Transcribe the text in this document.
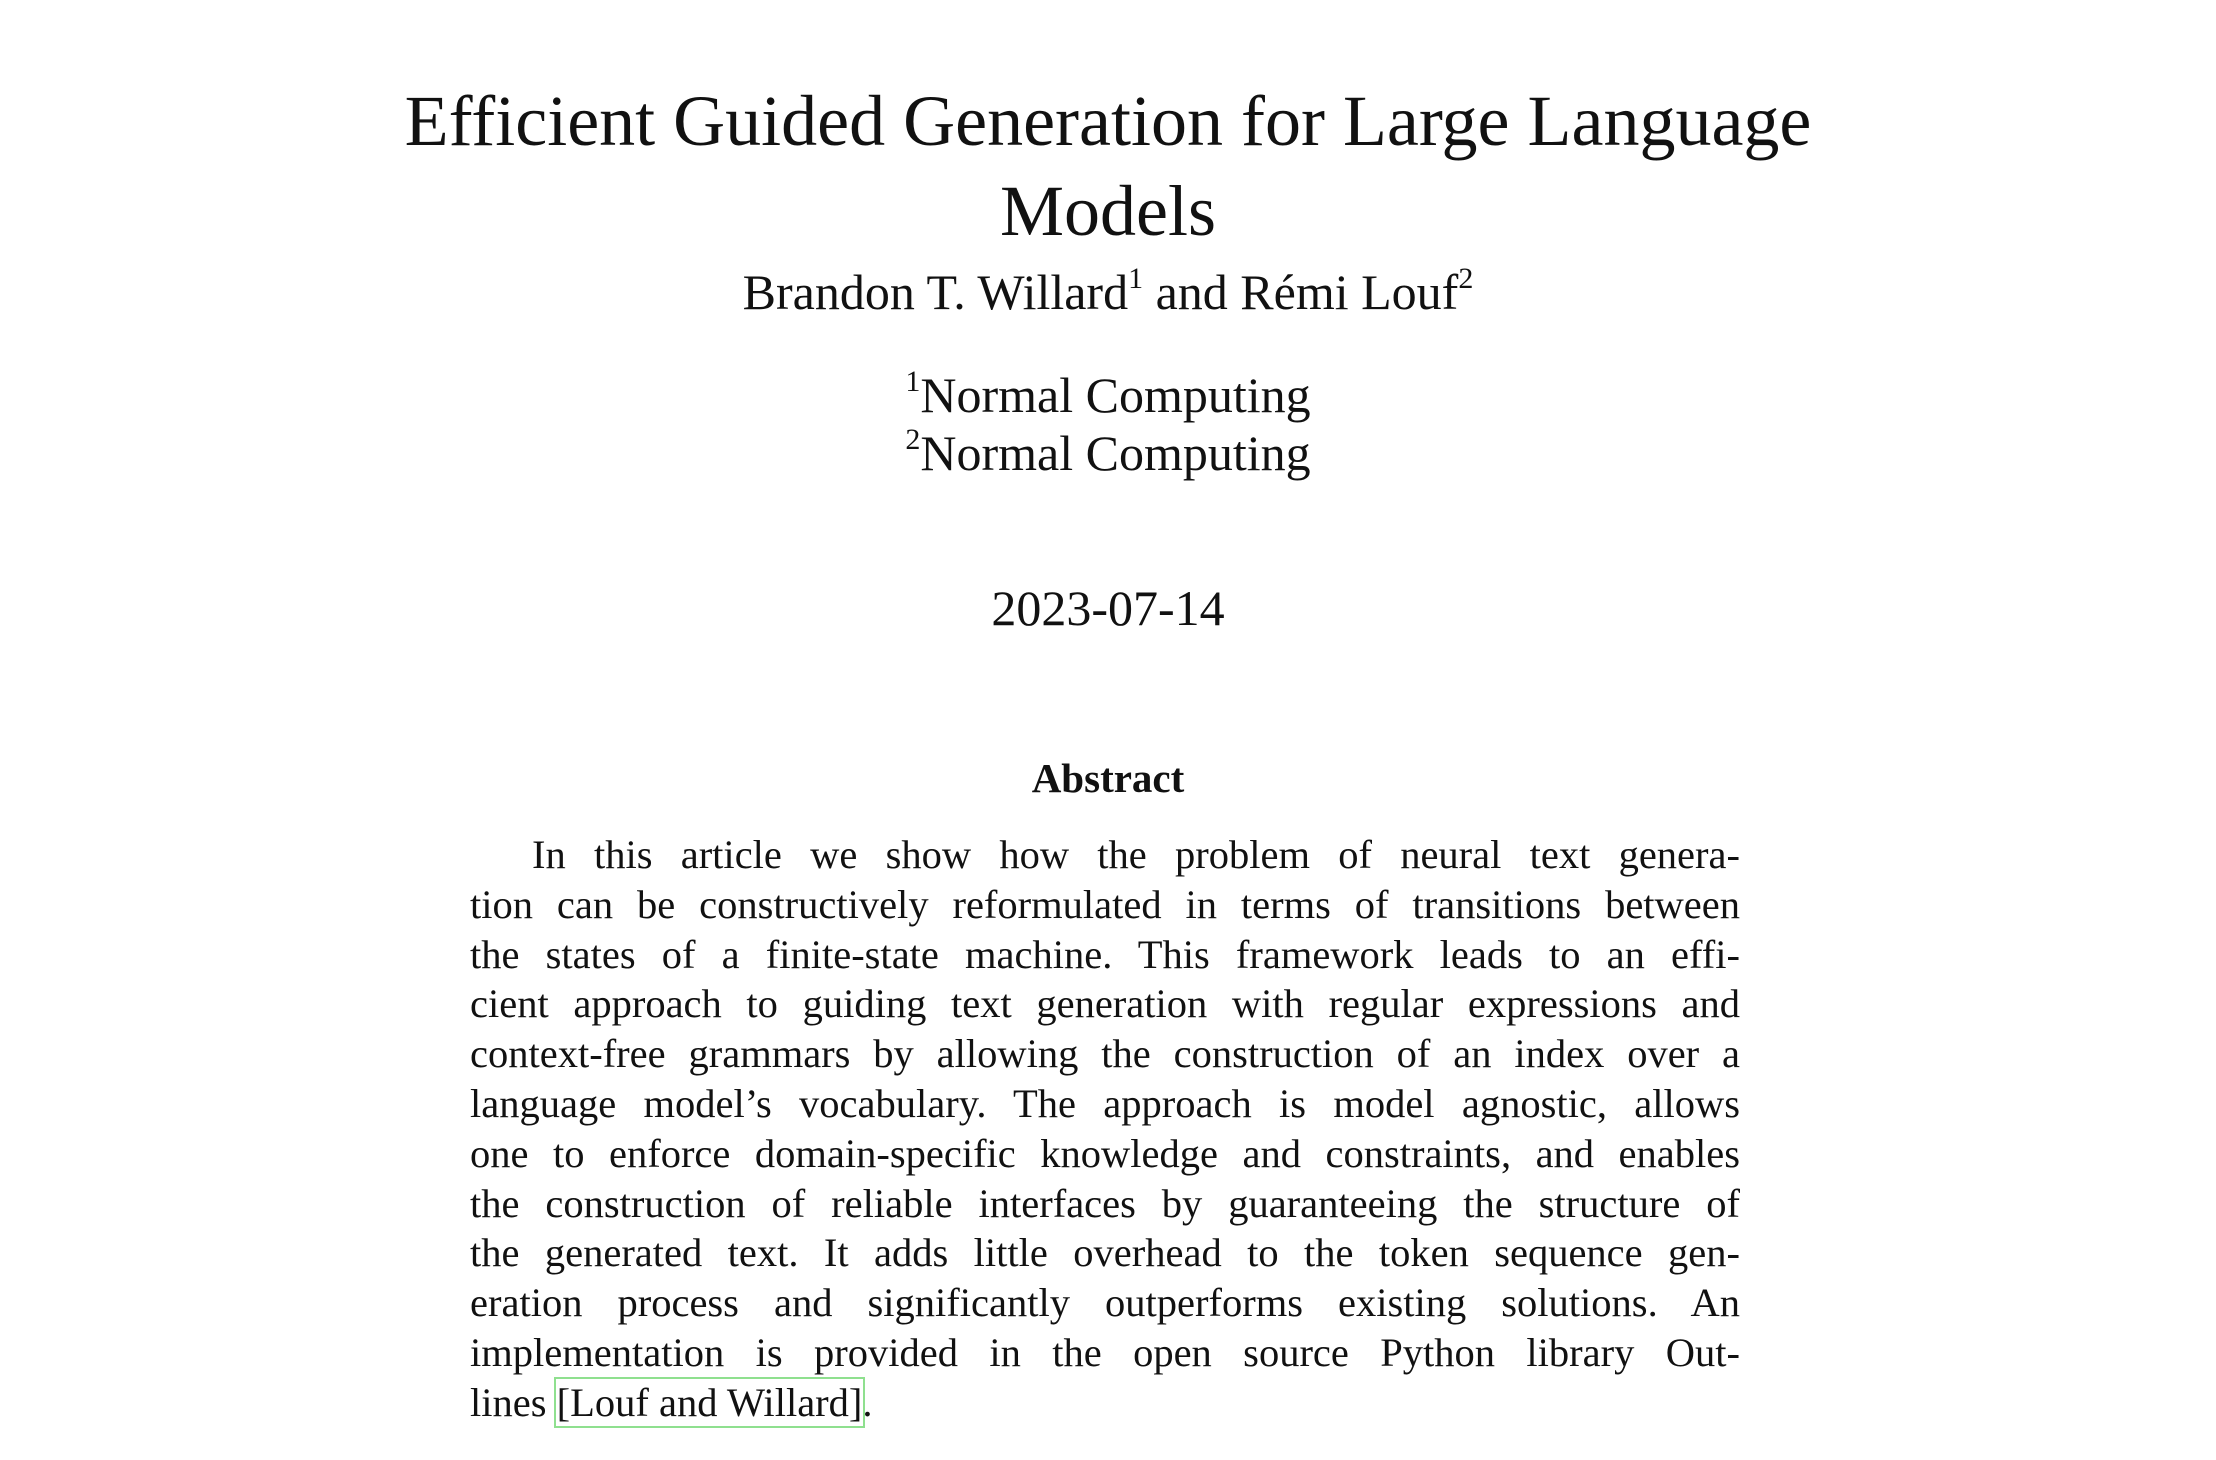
Efficient Guided Generation for Large Language
Models
Brandon T. Willard$^1$ and Rémi Louf$^2$
$^1$Normal Computing
$^2$Normal Computing
2023-07-14
Abstract
In this article we show how the problem of neural text genera-
tion can be constructively reformulated in terms of transitions between
the states of a finite-state machine. This framework leads to an effi-
cient approach to guiding text generation with regular expressions and
context-free grammars by allowing the construction of an index over a
language model’s vocabulary. The approach is model agnostic, allows
one to enforce domain-specific knowledge and constraints, and enables
the construction of reliable interfaces by guaranteeing the structure of
the generated text. It adds little overhead to the token sequence gen-
eration process and significantly outperforms existing solutions. An
implementation is provided in the open source Python library Out-
lines [Louf and Willard].
